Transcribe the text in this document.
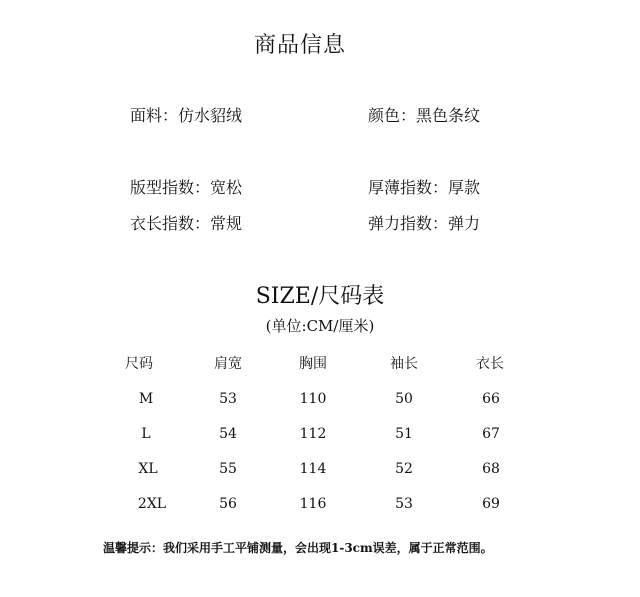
商品信息
面料：仿水貂绒	颜色：黑色条纹
版型指数：宽松	厚薄指数：厚款
衣长指数：常规	弹力指数：弹力
SIZE/尺码表
(单位:CM/厘米)
尺码	肩宽	胸围	袖长	衣长
M	53	110	50	66
L	54	112	51	67
XL	55	114	52	68
2XL	56	116	53	69
温馨提示：我们采用手工平铺测量，会出现1-3cm误差，属于正常范围。
